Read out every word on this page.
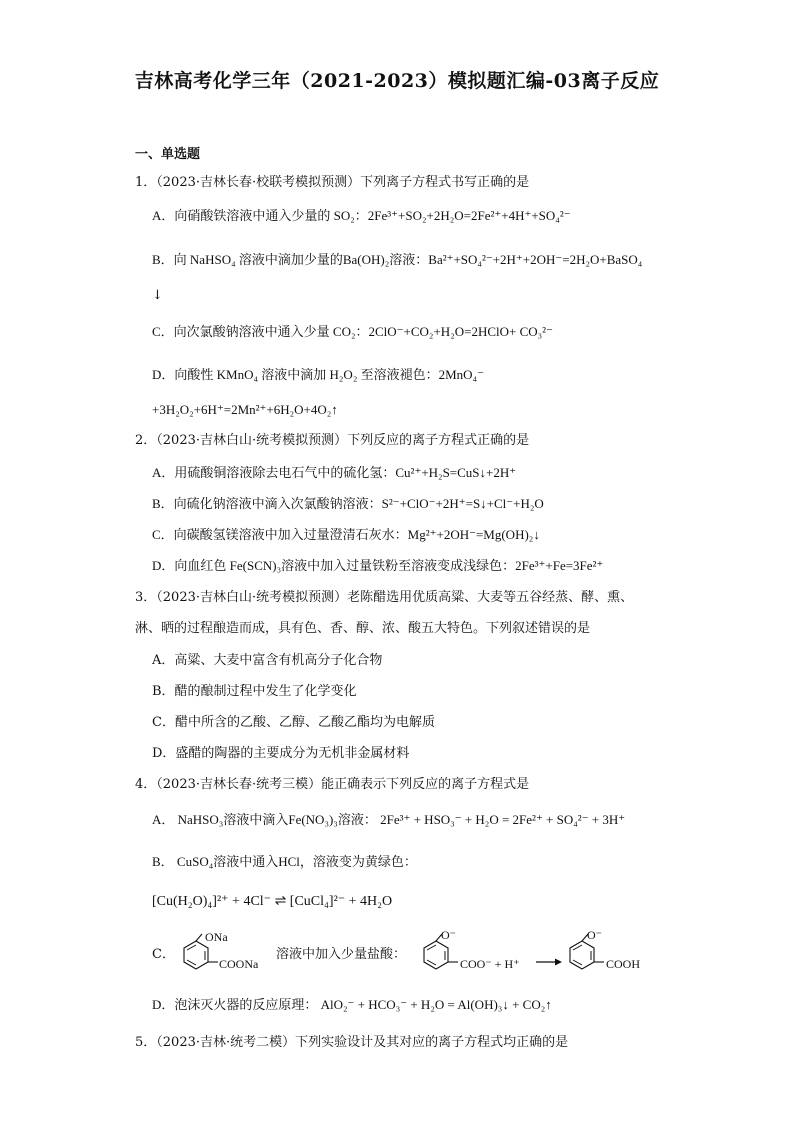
吉林高考化学三年（2021-2023）模拟题汇编-03离子反应
一、单选题
1．（2023·吉林长春·校联考模拟预测）下列离子方程式书写正确的是
A．向硝酸铁溶液中通入少量的 SO₂：2Fe³⁺+SO₂+2H₂O=2Fe²⁺+4H⁺+SO₄²⁻
B．向 NaHSO₄ 溶液中滴加少量的Ba(OH)₂溶液：Ba²⁺+SO₄²⁻+2H⁺+2OH⁻=2H₂O+BaSO₄
↓
C．向次氯酸钠溶液中通入少量 CO₂：2ClO⁻+CO₂+H₂O=2HClO+ CO₃²⁻
D．向酸性 KMnO₄ 溶液中滴加 H₂O₂ 至溶液褪色：2MnO₄⁻
+3H₂O₂+6H⁺=2Mn²⁺+6H₂O+4O₂↑
2．（2023·吉林白山·统考模拟预测）下列反应的离子方程式正确的是
A．用硫酸铜溶液除去电石气中的硫化氢：Cu²⁺+H₂S=CuS↓+2H⁺
B．向硫化钠溶液中滴入次氯酸钠溶液：S²⁻+ClO⁻+2H⁺=S↓+Cl⁻+H₂O
C．向碳酸氢镁溶液中加入过量澄清石灰水：Mg²⁺+2OH⁻=Mg(OH)₂↓
D．向血红色 Fe(SCN)₃溶液中加入过量铁粉至溶液变成浅绿色：2Fe³⁺+Fe=3Fe²⁺
3．（2023·吉林白山·统考模拟预测）老陈醋选用优质高粱、大麦等五谷经蒸、酵、熏、
淋、晒的过程酿造而成，具有色、香、醇、浓、酸五大特色。下列叙述错误的是
A．高粱、大麦中富含有机高分子化合物
B．醋的酿制过程中发生了化学变化
C．醋中所含的乙酸、乙醇、乙酸乙酯均为电解质
D．盛醋的陶器的主要成分为无机非金属材料
4．（2023·吉林长春·统考三模）能正确表示下列反应的离子方程式是
A． NaHSO₃溶液中滴入Fe(NO₃)₃溶液： 2Fe³⁺ + HSO₃⁻ + H₂O = 2Fe²⁺ + SO₄²⁻ + 3H⁺
B． CuSO₄溶液中通入HCl，溶液变为黄绿色：
[Cu(H₂O)₄]²⁺ + 4Cl⁻ ⇌ [CuCl₄]²⁻ + 4H₂O
C．
ONa
COONa
溶液中加入少量盐酸：
O⁻
COO⁻ + H⁺ →
O⁻
COOH
D．泡沫灭火器的反应原理： AlO₂⁻ + HCO₃⁻ + H₂O = Al(OH)₃↓ + CO₂↑
5．（2023·吉林·统考二模）下列实验设计及其对应的离子方程式均正确的是
